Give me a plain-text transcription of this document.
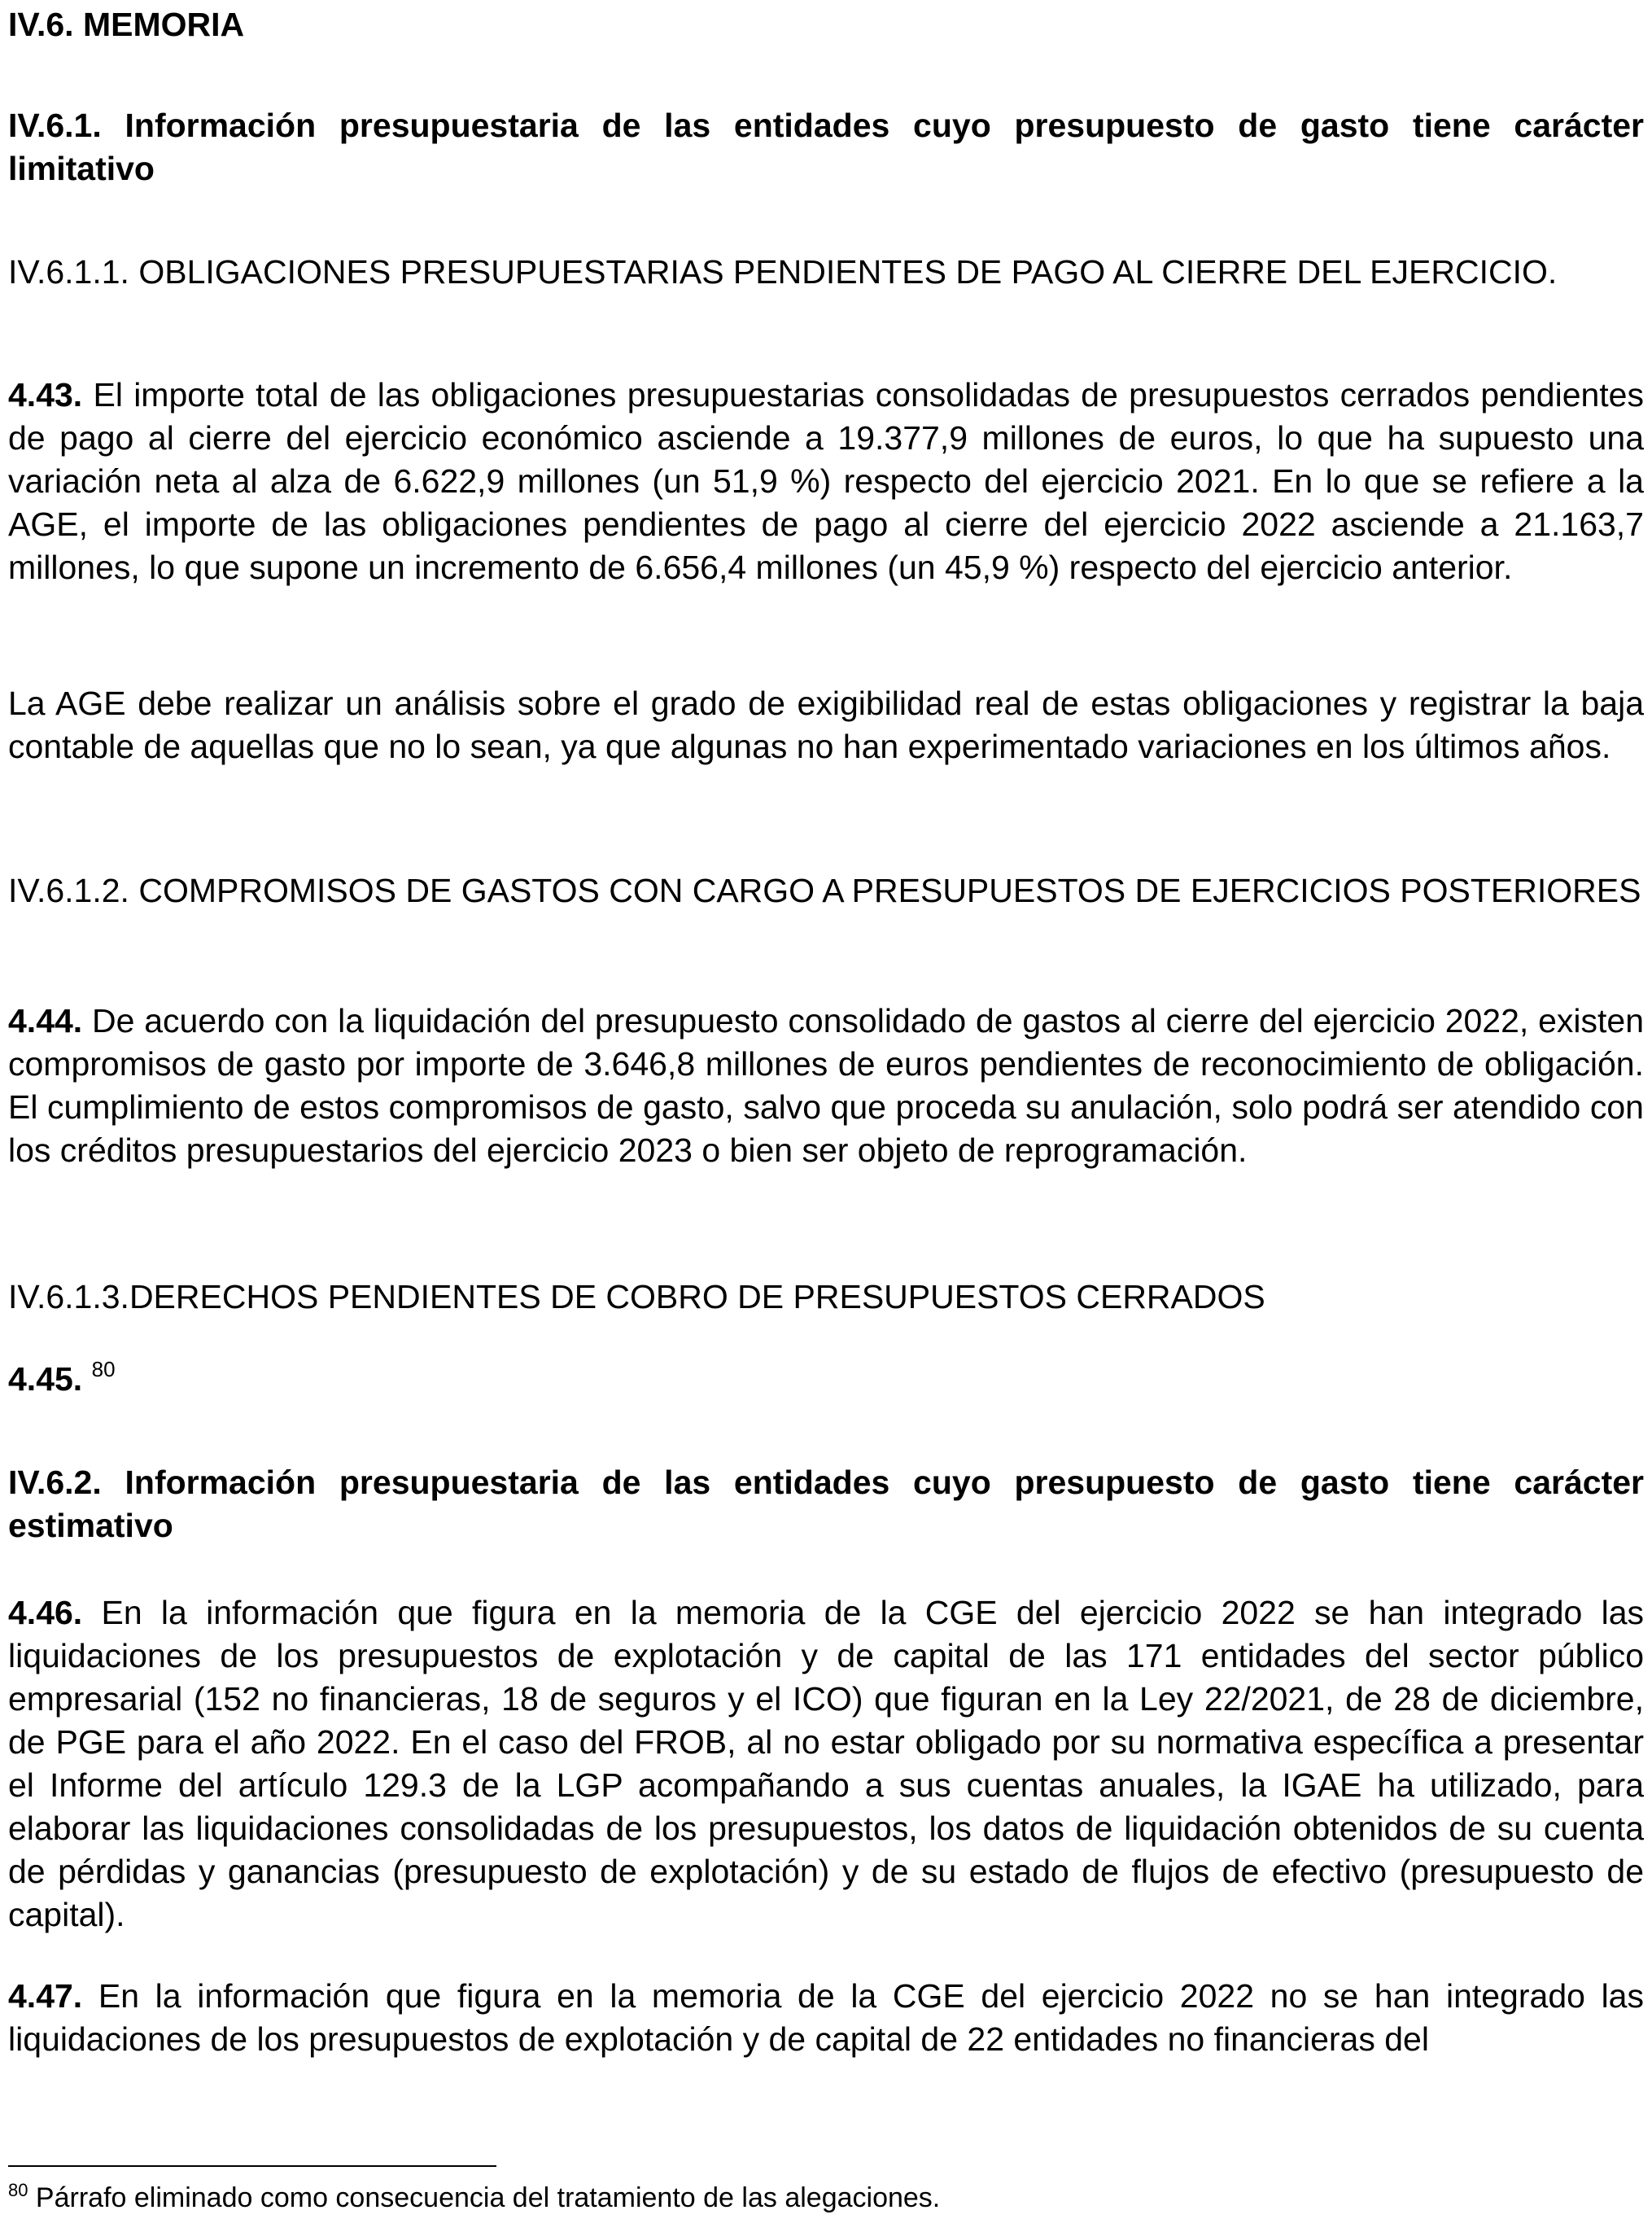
IV.6. MEMORIA

IV.6.1. Información presupuestaria de las entidades cuyo presupuesto de gasto tiene carácter limitativo

IV.6.1.1. OBLIGACIONES PRESUPUESTARIAS PENDIENTES DE PAGO AL CIERRE DEL EJERCICIO.

4.43. El importe total de las obligaciones presupuestarias consolidadas de presupuestos cerrados pendientes de pago al cierre del ejercicio económico asciende a 19.377,9 millones de euros, lo que ha supuesto una variación neta al alza de 6.622,9 millones (un 51,9 %) respecto del ejercicio 2021. En lo que se refiere a la AGE, el importe de las obligaciones pendientes de pago al cierre del ejercicio 2022 asciende a 21.163,7 millones, lo que supone un incremento de 6.656,4 millones (un 45,9 %) respecto del ejercicio anterior.

La AGE debe realizar un análisis sobre el grado de exigibilidad real de estas obligaciones y registrar la baja contable de aquellas que no lo sean, ya que algunas no han experimentado variaciones en los últimos años.

IV.6.1.2. COMPROMISOS DE GASTOS CON CARGO A PRESUPUESTOS DE EJERCICIOS POSTERIORES

4.44. De acuerdo con la liquidación del presupuesto consolidado de gastos al cierre del ejercicio 2022, existen compromisos de gasto por importe de 3.646,8 millones de euros pendientes de reconocimiento de obligación. El cumplimiento de estos compromisos de gasto, salvo que proceda su anulación, solo podrá ser atendido con los créditos presupuestarios del ejercicio 2023 o bien ser objeto de reprogramación.

IV.6.1.3.DERECHOS PENDIENTES DE COBRO DE PRESUPUESTOS CERRADOS

4.45. $^{80}$

IV.6.2. Información presupuestaria de las entidades cuyo presupuesto de gasto tiene carácter estimativo

4.46. En la información que figura en la memoria de la CGE del ejercicio 2022 se han integrado las liquidaciones de los presupuestos de explotación y de capital de las 171 entidades del sector público empresarial (152 no financieras, 18 de seguros y el ICO) que figuran en la Ley 22/2021, de 28 de diciembre, de PGE para el año 2022. En el caso del FROB, al no estar obligado por su normativa específica a presentar el Informe del artículo 129.3 de la LGP acompañando a sus cuentas anuales, la IGAE ha utilizado, para elaborar las liquidaciones consolidadas de los presupuestos, los datos de liquidación obtenidos de su cuenta de pérdidas y ganancias (presupuesto de explotación) y de su estado de flujos de efectivo (presupuesto de capital).

4.47. En la información que figura en la memoria de la CGE del ejercicio 2022 no se han integrado las liquidaciones de los presupuestos de explotación y de capital de 22 entidades no financieras del

$^{80}$ Párrafo eliminado como consecuencia del tratamiento de las alegaciones.
